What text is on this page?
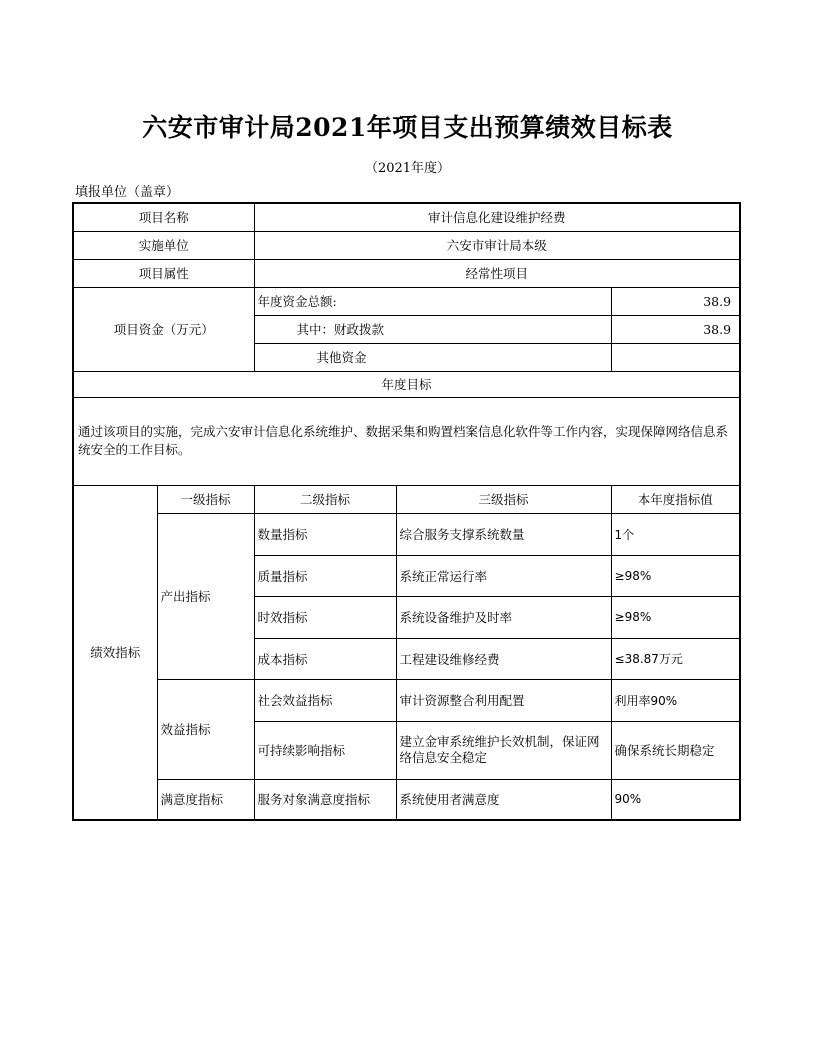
六安市审计局2021年项目支出预算绩效目标表
（2021年度）
填报单位（盖章）
项目名称		审计信息化建设维护经费		
实施单位		六安市审计局本级		
项目属性		经常性项目		
项目资金（万元）		年度资金总额:		38.9
		其中：财政拨款		38.9
		其他资金		
年度目标				
通过该项目的实施，完成六安审计信息化系统维护、数据采集和购置档案信息化软件等工作内容，实现保障网络信息系统安全的工作目标。				
绩效指标	一级指标	二级指标	三级指标	本年度指标值
	产出指标	数量指标	综合服务支撑系统数量	1个
		质量指标	系统正常运行率	≥98%
		时效指标	系统设备维护及时率	≥98%
		成本指标	工程建设维修经费	≤38.87万元
	效益指标	社会效益指标	审计资源整合利用配置	利用率90%
		可持续影响指标	建立金审系统维护长效机制，保证网络信息安全稳定	确保系统长期稳定
	满意度指标	服务对象满意度指标	系统使用者满意度	90%
